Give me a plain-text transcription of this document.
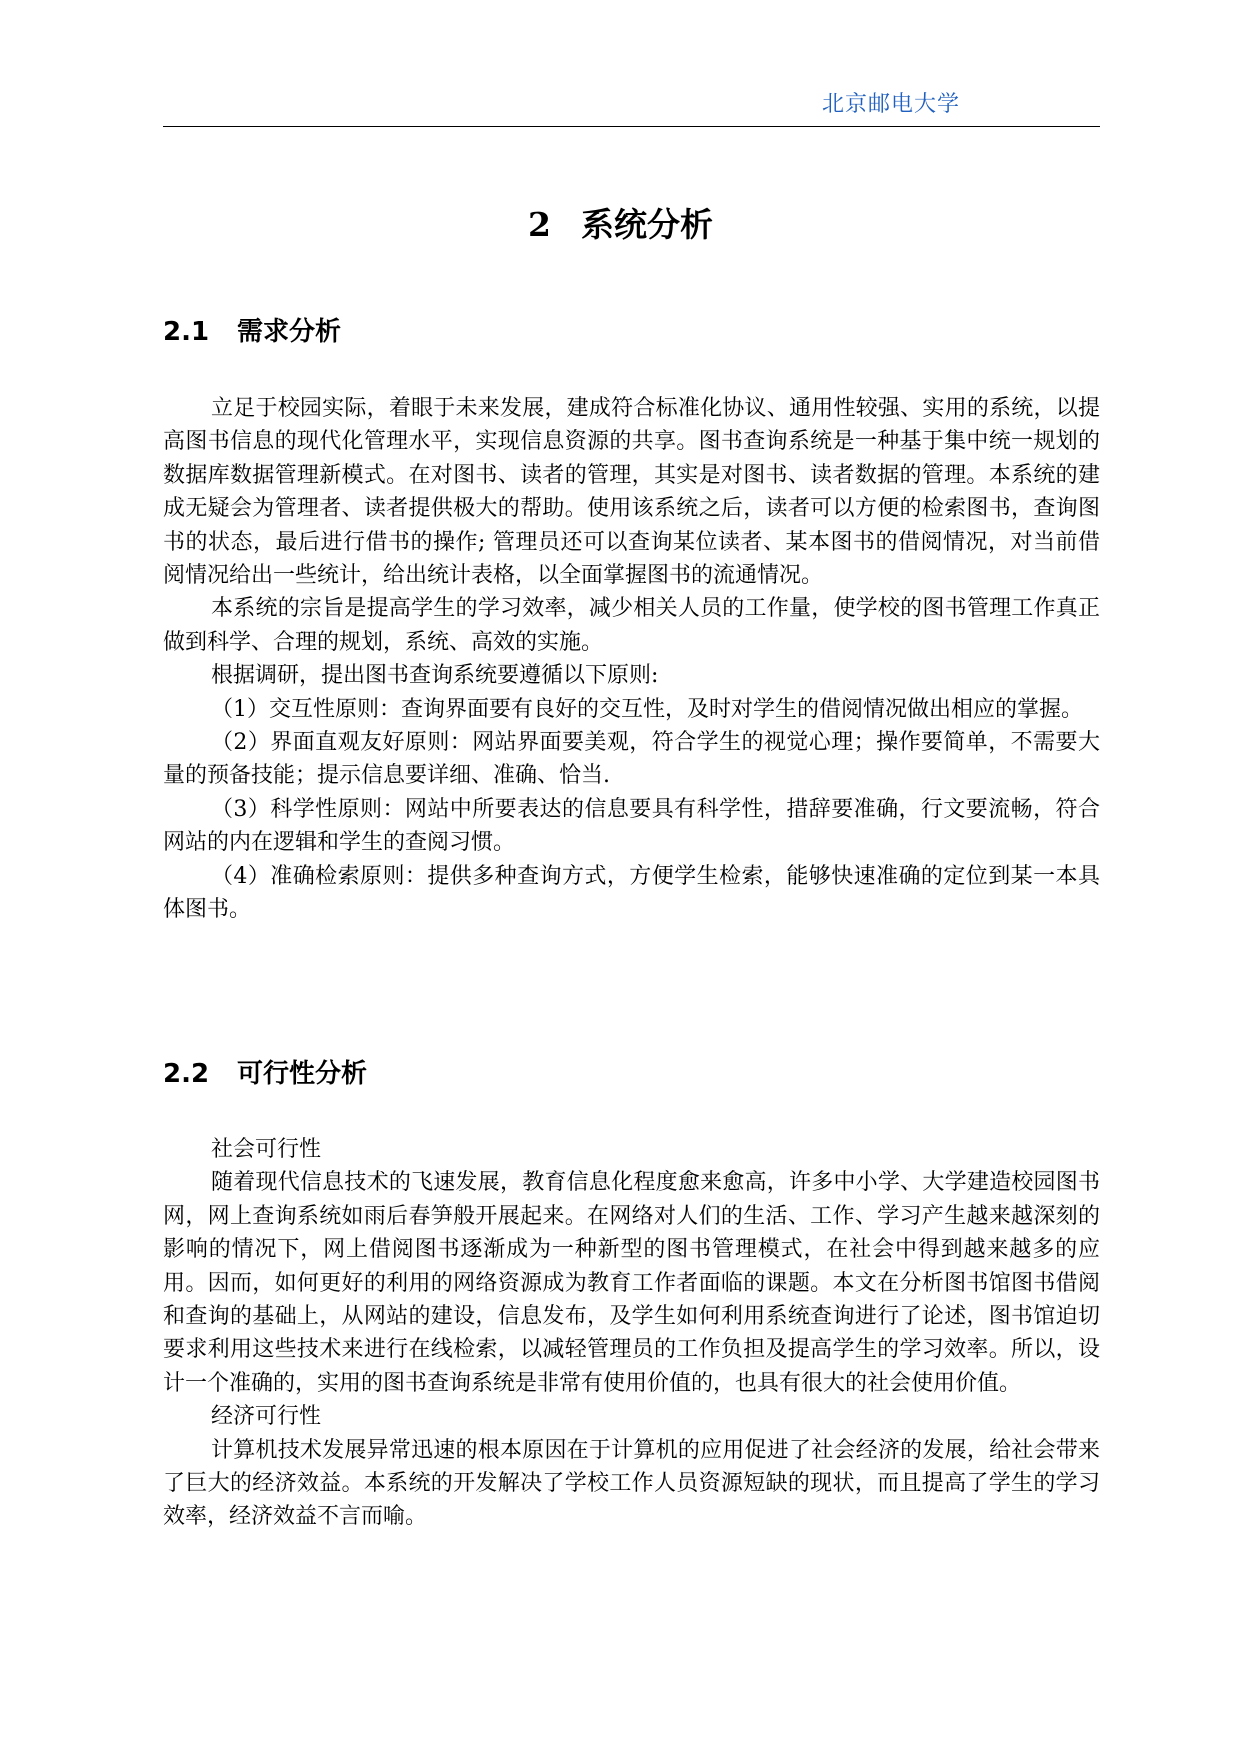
北京邮电大学
2 系统分析
2.1 需求分析

立足于校园实际，着眼于未来发展，建成符合标准化协议、通用性较强、实用的系统，以提高图书信息的现代化管理水平，实现信息资源的共享。图书查询系统是一种基于集中统一规划的数据库数据管理新模式。在对图书、读者的管理，其实是对图书、读者数据的管理。本系统的建成无疑会为管理者、读者提供极大的帮助。使用该系统之后，读者可以方便的检索图书，查询图书的状态，最后进行借书的操作; 管理员还可以查询某位读者、某本图书的借阅情况，对当前借阅情况给出一些统计，给出统计表格，以全面掌握图书的流通情况。

本系统的宗旨是提高学生的学习效率，减少相关人员的工作量，使学校的图书管理工作真正做到科学、合理的规划，系统、高效的实施。

根据调研，提出图书查询系统要遵循以下原则:

（1）交互性原则：查询界面要有良好的交互性，及时对学生的借阅情况做出相应的掌握。

（2）界面直观友好原则：网站界面要美观，符合学生的视觉心理；操作要简单，不需要大量的预备技能；提示信息要详细、准确、恰当.

（3）科学性原则：网站中所要表达的信息要具有科学性，措辞要准确，行文要流畅，符合网站的内在逻辑和学生的查阅习惯。

（4）准确检索原则：提供多种查询方式，方便学生检索，能够快速准确的定位到某一本具体图书。

2.2 可行性分析

社会可行性

随着现代信息技术的飞速发展，教育信息化程度愈来愈高，许多中小学、大学建造校园图书网，网上查询系统如雨后春笋般开展起来。在网络对人们的生活、工作、学习产生越来越深刻的影响的情况下，网上借阅图书逐渐成为一种新型的图书管理模式，在社会中得到越来越多的应用。因而，如何更好的利用的网络资源成为教育工作者面临的课题。本文在分析图书馆图书借阅和查询的基础上，从网站的建设，信息发布，及学生如何利用系统查询进行了论述，图书馆迫切要求利用这些技术来进行在线检索，以减轻管理员的工作负担及提高学生的学习效率。所以，设计一个准确的，实用的图书查询系统是非常有使用价值的，也具有很大的社会使用价值。

经济可行性

计算机技术发展异常迅速的根本原因在于计算机的应用促进了社会经济的发展，给社会带来了巨大的经济效益。本系统的开发解决了学校工作人员资源短缺的现状，而且提高了学生的学习效率，经济效益不言而喻。
